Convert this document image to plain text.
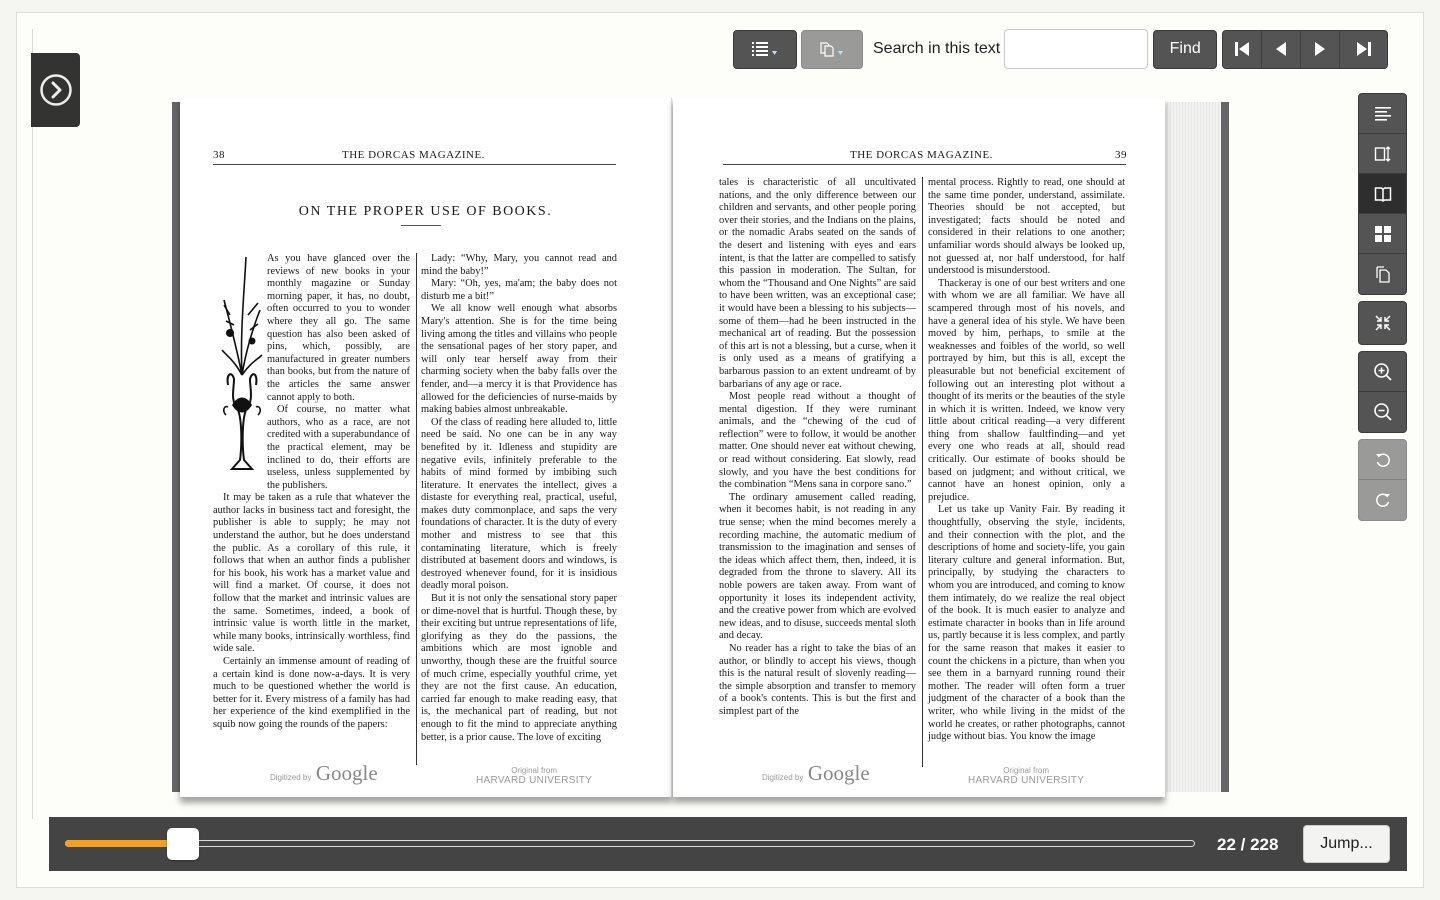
Search in this text	Find
38	THE DORCAS MAGAZINE.
ON THE PROPER USE OF BOOKS.

As you have glanced over the reviews of new books in your monthly magazine or Sunday morning paper, it has, no doubt, often occurred to you to wonder where they all go. The same question has also been asked of pins, which, possibly, are manufactured in greater numbers than books, but from the nature of the articles the same answer cannot apply to both.

Of course, no matter what authors, who as a race, are not credited with a superabundance of the practical element, may be inclined to do, their efforts are useless, unless supplemented by the publishers.

It may be taken as a rule that whatever the author lacks in business tact and foresight, the publisher is able to supply; he may not understand the author, but he does understand the public. As a corollary of this rule, it follows that when an author finds a publisher for his book, his work has a market value and will find a market. Of course, it does not follow that the market and intrinsic values are the same. Sometimes, indeed, a book of intrinsic value is worth little in the market, while many books, intrinsically worthless, find wide sale.

Certainly an immense amount of reading of a certain kind is done now-a-days. It is very much to be questioned whether the world is better for it. Every mistress of a family has had her experience of the kind exemplified in the squib now going the rounds of the papers:

Lady: “Why, Mary, you cannot read and mind the baby!”

Mary: “Oh, yes, ma'am; the baby does not disturb me a bit!”

We all know well enough what absorbs Mary's attention. She is for the time being living among the titles and villains who people the sensational pages of her story paper, and will only tear herself away from their charming society when the baby falls over the fender, and—a mercy it is that Providence has allowed for the deficiencies of nurse-maids by making babies almost unbreakable.

Of the class of reading here alluded to, little need be said. No one can be in any way benefited by it. Idleness and stupidity are negative evils, infinitely preferable to the habits of mind formed by imbibing such literature. It enervates the intellect, gives a distaste for everything real, practical, useful, makes duty commonplace, and saps the very foundations of character. It is the duty of every mother and mistress to see that this contaminating literature, which is freely distributed at basement doors and windows, is destroyed whenever found, for it is insidious deadly moral poison.

But it is not only the sensational story paper or dime-novel that is hurtful. Though these, by their exciting but untrue representations of life, glorifying as they do the passions, the ambitions which are most ignoble and unworthy, though these are the fruitful source of much crime, especially youthful crime, yet they are not the first cause. An education, carried far enough to make reading easy, that is, the mechanical part of reading, but not enough to fit the mind to appreciate anything better, is a prior cause. The love of exciting

Digitized by Google	Original from
HARVARD UNIVERSITY
THE DORCAS MAGAZINE.	39

tales is characteristic of all uncultivated nations, and the only difference between our children and servants, and other people poring over their stories, and the Indians on the plains, or the nomadic Arabs seated on the sands of the desert and listening with eyes and ears intent, is that the latter are compelled to satisfy this passion in moderation. The Sultan, for whom the “Thousand and One Nights” are said to have been written, was an exceptional case; it would have been a blessing to his subjects—some of them—had he been instructed in the mechanical art of reading. But the possession of this art is not a blessing, but a curse, when it is only used as a means of gratifying a barbarous passion to an extent undreamt of by barbarians of any age or race.

Most people read without a thought of mental digestion. If they were ruminant animals, and the “chewing of the cud of reflection” were to follow, it would be another matter. One should never eat without chewing, or read without considering. Eat slowly, read slowly, and you have the best conditions for the combination “Mens sana in corpore sano.”

The ordinary amusement called reading, when it becomes habit, is not reading in any true sense; when the mind becomes merely a recording machine, the automatic medium of transmission to the imagination and senses of the ideas which affect them, then, indeed, it is degraded from the throne to slavery. All its noble powers are taken away. From want of opportunity it loses its independent activity, and the creative power from which are evolved new ideas, and to disuse, succeeds mental sloth and decay.

No reader has a right to take the bias of an author, or blindly to accept his views, though this is the natural result of slovenly reading—the simple absorption and transfer to memory of a book's contents. This is but the first and simplest part of the

mental process. Rightly to read, one should at the same time ponder, understand, assimilate. Theories should be not accepted, but investigated; facts should be noted and considered in their relations to one another; unfamiliar words should always be looked up, not guessed at, nor half understood, for half understood is misunderstood.

Thackeray is one of our best writers and one with whom we are all familiar. We have all scampered through most of his novels, and have a general idea of his style. We have been moved by him, perhaps, to smile at the weaknesses and foibles of the world, so well portrayed by him, but this is all, except the pleasurable but not beneficial excitement of following out an interesting plot without a thought of its merits or the beauties of the style in which it is written. Indeed, we know very little about critical reading—a very different thing from shallow faultfinding—and yet every one who reads at all, should read critically. Our estimate of books should be based on judgment; and without critical, we cannot have an honest opinion, only a prejudice.

Let us take up Vanity Fair. By reading it thoughtfully, observing the style, incidents, and their connection with the plot, and the descriptions of home and society-life, you gain literary culture and general information. But, principally, by studying the characters to whom you are introduced, and coming to know them intimately, do we realize the real object of the book. It is much easier to analyze and estimate character in books than in life around us, partly because it is less complex, and partly for the same reason that makes it easier to count the chickens in a picture, than when you see them in a barnyard running round their mother. The reader will often form a truer judgment of the character of a book than the writer, who while living in the midst of the world he creates, or rather photographs, cannot judge without bias. You know the image

Digitized by Google	Original from
HARVARD UNIVERSITY
22 / 228	Jump...
